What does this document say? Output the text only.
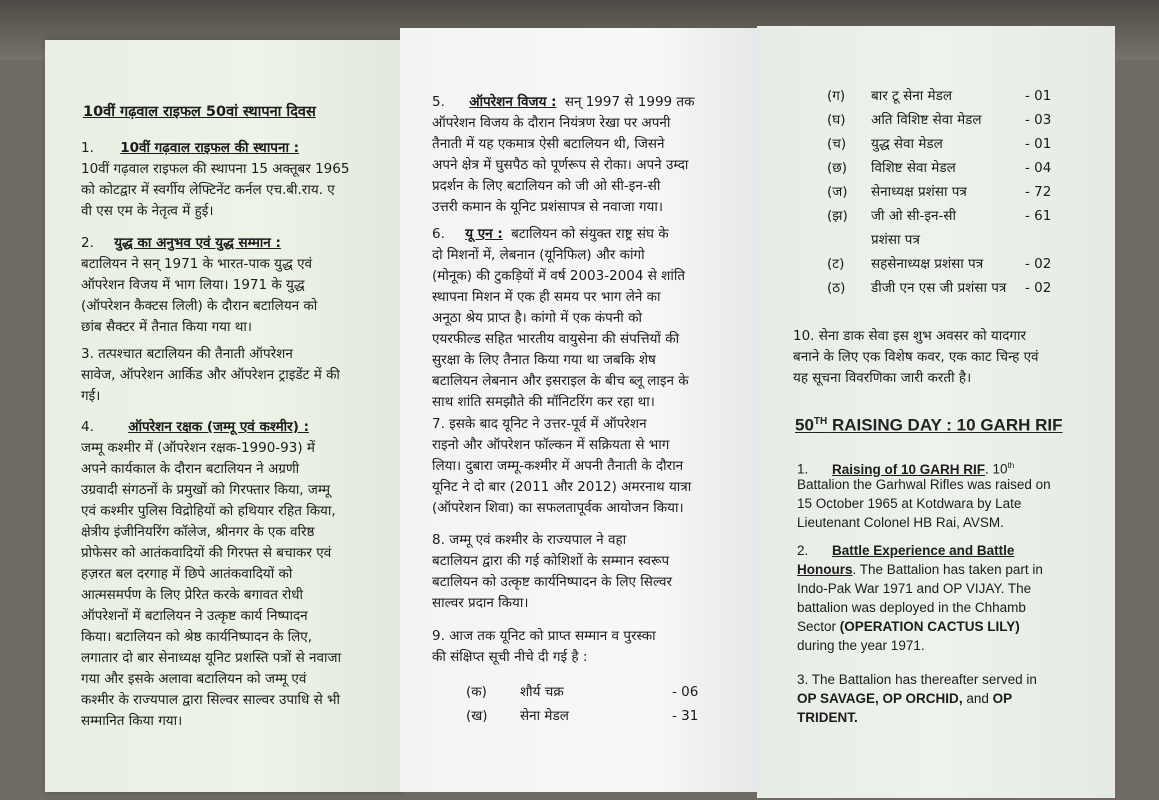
10वीं गढ़वाल राइफल 50वां स्थापना दिवस
1. 10वीं गढ़वाल राइफल की स्थापना :
10वीं गढ़वाल राइफल की स्थापना 15 अक्तूबर 1965
को कोटद्वार में स्वर्गीय लेफ्टिनेंट कर्नल एच.बी.राय. ए
वी एस एम के नेतृत्व में हुई।
2. युद्ध का अनुभव एवं युद्ध सम्मान :
बटालियन ने सन् 1971 के भारत-पाक युद्ध एवं
ऑपरेशन विजय में भाग लिया। 1971 के युद्ध
(ऑपरेशन कैक्टस लिली) के दौरान बटालियन को
छांब सैक्टर में तैनात किया गया था।
3. तत्पश्चात बटालियन की तैनाती ऑपरेशन
सावेज, ऑपरेशन आर्किड और ऑपरेशन ट्राइडेंट में की
गई।
4.	ऑपरेशन रक्षक (जम्मू एवं कश्मीर) :
जम्मू कश्मीर में (ऑपरेशन रक्षक-1990-93) में
अपने कार्यकाल के दौरान बटालियन ने अग्रणी
उग्रवादी संगठनों के प्रमुखों को गिरफ्तार किया, जम्मू
एवं कश्मीर पुलिस विद्रोहियों को हथियार रहित किया,
क्षेत्रीय इंजीनियरिंग कॉलेज, श्रीनगर के एक वरिष्ठ
प्रोफेसर को आतंकवादियों की गिरफ्त से बचाकर एवं
हज़रत बल दरगाह में छिपे आतंकवादियों को
आत्मसमर्पण के लिए प्रेरित करके बगावत रोधी
ऑपरेशनों में बटालियन ने उत्कृष्ट कार्य निष्पादन
किया। बटालियन को श्रेष्ठ कार्यनिष्पादन के लिए,
लगातार दो बार सेनाध्यक्ष यूनिट प्रशस्ति पत्रों से नवाजा
गया और इसके अलावा बटालियन को जम्मू एवं
कश्मीर के राज्यपाल द्वारा सिल्वर साल्वर उपाधि से भी
सम्मानित किया गया।
5. ऑपरेशन विजय : सन् 1997 से 1999 तक
ऑपरेशन विजय के दौरान नियंत्रण रेखा पर अपनी
तैनाती में यह एकमात्र ऐसी बटालियन थी, जिसने
अपने क्षेत्र में घुसपैठ को पूर्णरूप से रोका। अपने उम्दा
प्रदर्शन के लिए बटालियन को जी ओ सी-इन-सी
उत्तरी कमान के यूनिट प्रशंसापत्र से नवाजा गया।
6. यू एन : बटालियन को संयुक्त राष्ट्र संघ के
दो मिशनों में, लेबनान (यूनिफिल) और कांगो
(मोनूक) की टुकड़ियों में वर्ष 2003-2004 से शांति
स्थापना मिशन में एक ही समय पर भाग लेने का
अनूठा श्रेय प्राप्त है। कांगो में एक कंपनी को
एयरफील्ड सहित भारतीय वायुसेना की संपत्तियों की
सुरक्षा के लिए तैनात किया गया था जबकि शेष
बटालियन लेबनान और इसराइल के बीच ब्लू लाइन के
साथ शांति समझौते की मॉनिटरिंग कर रहा था।
7. इसके बाद यूनिट ने उत्तर-पूर्व में ऑपरेशन
राइनो और ऑपरेशन फॉल्कन में सक्रियता से भाग
लिया। दुबारा जम्मू-कश्मीर में अपनी तैनाती के दौरान
यूनिट ने दो बार (2011 और 2012) अमरनाथ यात्रा
(ऑपरेशन शिवा) का सफलतापूर्वक आयोजन किया।
8. जम्मू एवं कश्मीर के राज्यपाल ने वहा
बटालियन द्वारा की गई कोशिशों के सम्मान स्वरूप
बटालियन को उत्कृष्ट कार्यनिष्पादन के लिए सिल्वर
साल्वर प्रदान किया।
9. आज तक यूनिट को प्राप्त सम्मान व पुरस्का
की संक्षिप्त सूची नीचे दी गई है :
(क) शौर्य चक्र	- 06
(ख) सेना मेडल	- 31
(ग) बार टू सेना मेडल	- 01
(घ) अति विशिष्ट सेवा मेडल	- 03
(च) युद्ध सेवा मेडल	- 01
(छ) विशिष्ट सेवा मेडल	- 04
(ज) सेनाध्यक्ष प्रशंसा पत्र	- 72
(झ) जी ओ सी-इन-सी	- 61
प्रशंसा पत्र
(ट) सहसेनाध्यक्ष प्रशंसा पत्र	- 02
(ठ) डीजी एन एस जी प्रशंसा पत्र - 02
10. सेना डाक सेवा इस शुभ अवसर को यादगार
बनाने के लिए एक विशेष कवर, एक काट चिन्ह एवं
यह सूचना विवरणिका जारी करती है।
50TH RAISING DAY : 10 GARH RIF
1. Raising of 10 GARH RIF. 10th
Battalion the Garhwal Rifles was raised on
15 October 1965 at Kotdwara by Late
Lieutenant Colonel HB Rai, AVSM.
2. Battle Experience and Battle
Honours. The Battalion has taken part in
Indo-Pak War 1971 and OP VIJAY. The
battalion was deployed in the Chhamb
Sector (OPERATION CACTUS LILY)
during the year 1971.
3. The Battalion has thereafter served in
OP SAVAGE, OP ORCHID, and OP
TRIDENT.
